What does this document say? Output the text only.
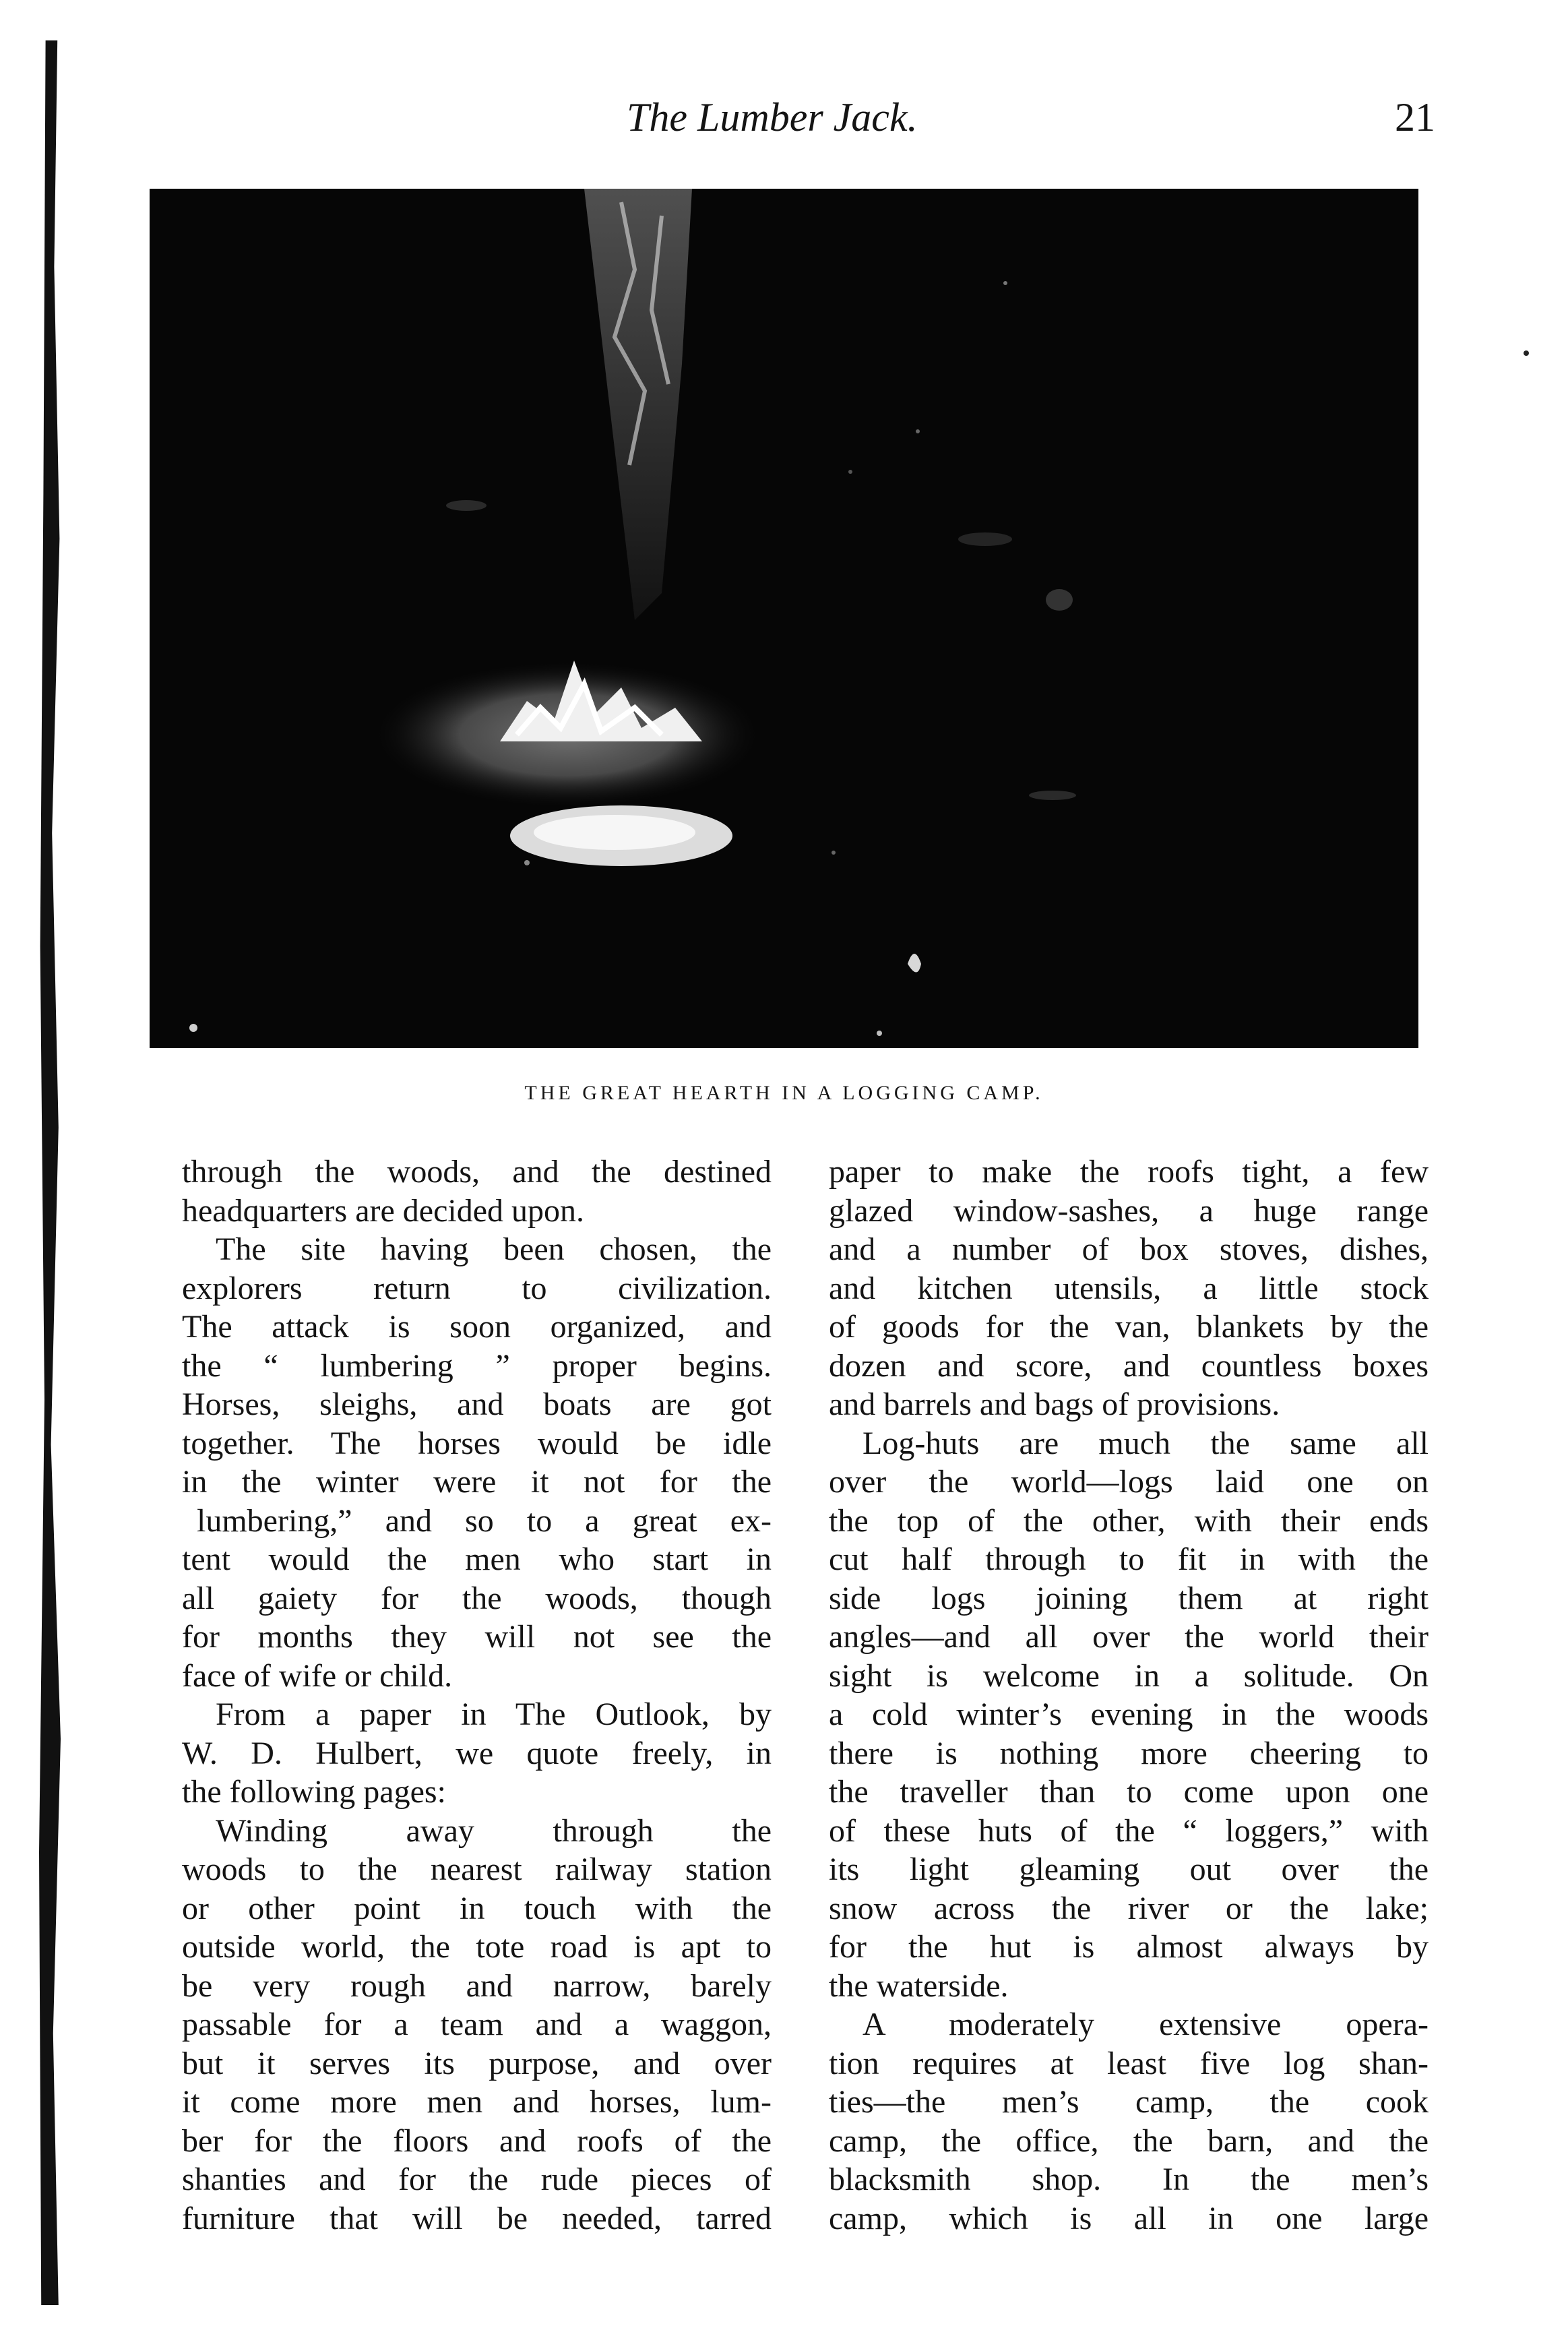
The Lumber Jack.	21
THE GREAT HEARTH IN A LOGGING CAMP.
through the woods, and the destined
headquarters are decided upon.
The site having been chosen, the
explorers return to civilization.
The attack is soon organized, and
the “ lumbering ” proper begins.
Horses, sleighs, and boats are got
together. The horses would be idle
in the winter were it not for the
lumbering,” and so to a great ex-
tent would the men who start in
all gaiety for the woods, though
for months they will not see the
face of wife or child.
From a paper in The Outlook, by
W. D. Hulbert, we quote freely, in
the following pages:
Winding away through the
woods to the nearest railway station
or other point in touch with the
outside world, the tote road is apt to
be very rough and narrow, barely
passable for a team and a waggon,
but it serves its purpose, and over
it come more men and horses, lum-
ber for the floors and roofs of the
shanties and for the rude pieces of
furniture that will be needed, tarred
paper to make the roofs tight, a few
glazed window-sashes, a huge range
and a number of box stoves, dishes,
and kitchen utensils, a little stock
of goods for the van, blankets by the
dozen and score, and countless boxes
and barrels and bags of provisions.
Log-huts are much the same all
over the world—logs laid one on
the top of the other, with their ends
cut half through to fit in with the
side logs joining them at right
angles—and all over the world their
sight is welcome in a solitude. On
a cold winter’s evening in the woods
there is nothing more cheering to
the traveller than to come upon one
of these huts of the “ loggers,” with
its light gleaming out over the
snow across the river or the lake;
for the hut is almost always by
the waterside.
A moderately extensive opera-
tion requires at least five log shan-
ties—the men’s camp, the cook
camp, the office, the barn, and the
blacksmith shop. In the men’s
camp, which is all in one large
